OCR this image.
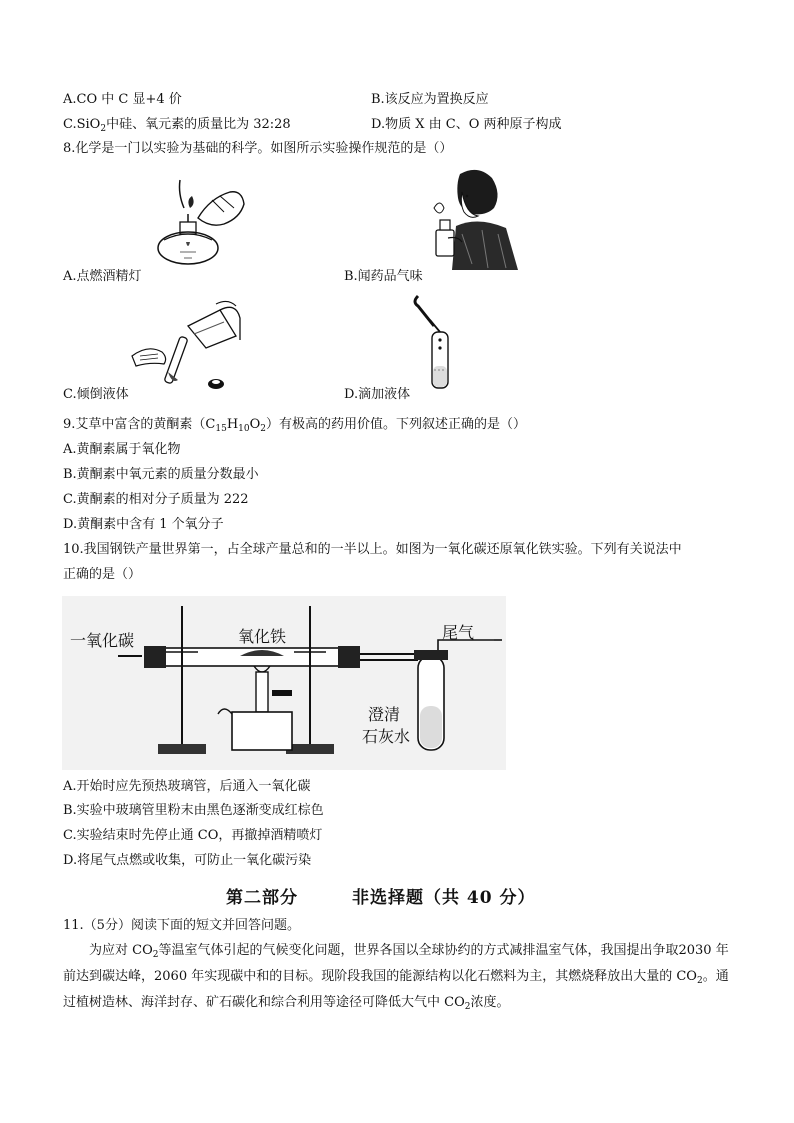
A.CO 中 C 显+4 价	B.该反应为置换反应
C.SiO$_2$中硅、氧元素的质量比为 32:28	D.物质 X 由 C、O 两种原子构成
8.化学是一门以实验为基础的科学。如图所示实验操作规范的是（）
A.点燃酒精灯	B.闻药品气味
C.倾倒液体	D.滴加液体
9.艾草中富含的黄酮素$(C_{15}H_{10}O_2)$有极高的药用价值。下列叙述正确的是（）
A.黄酮素属于氧化物
B.黄酮素中氧元素的质量分数最小
C.黄酮素的相对分子质量为 222
D.黄酮素中含有 1 个氧分子
10.我国钢铁产量世界第一，占全球产量总和的一半以上。如图为一氧化碳还原氧化铁实验。下列有关说法中
正确的是（）
一氧化碳	氧化铁	尾气
澄清
石灰水
A.开始时应先预热玻璃管，后通入一氧化碳
B.实验中玻璃管里粉末由黑色逐渐变成红棕色
C.实验结束时先停止通 CO，再撤掉酒精喷灯
D.将尾气点燃或收集，可防止一氧化碳污染
第二部分　　　非选择题（共 40 分）
11.（5分）阅读下面的短文并回答问题。
为应对 $CO_2$等温室气体引起的气候变化问题，世界各国以全球协约的方式减排温室气体，我国提出争取2030 年前达到碳达峰，2060 年实现碳中和的目标。现阶段我国的能源结构以化石燃料为主，其燃烧释放出大量的 $CO_2$。通过植树造林、海洋封存、矿石碳化和综合利用等途径可降低大气中 $CO_2$浓度。
